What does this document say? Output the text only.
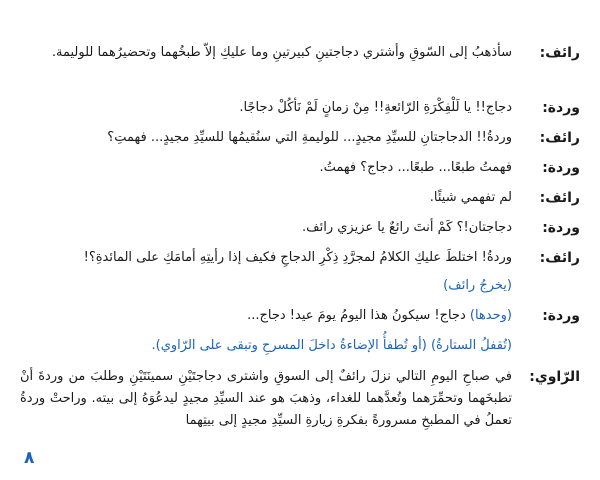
رائف:
سأذهبُ إلى السّوقِ وأشتري دجاجتينِ كبيرتينِ وما عليكِ إلاّ طبخُهما وتحضيرُهما للوليمة.
وردة:
دجاج!! يا لَلْفِكْرَةِ الرّائعةِ!! مِنْ زمانٍ لَمْ نَأكُلْ دجاجًا.
رائف:
وردةُ!! الدجاجتانِ للسيِّدِ مجيدٍ... للوليمةِ التي سنُقيمُها للسيِّدِ مجيدٍ... فهمتِ؟
وردة:
فهمتُ طبعًا... طبعًا... دجاج؟ فهمتُ.
رائف:
لم تفهمي شيئًا.
وردة:
دجاجتان!؟ كَمْ أنتَ رائعٌ يا عزيزي رائف.
رائف:
وردةُ! اختلطَ عليكِ الكلامُ لمجرَّدِ ذِكْرِ الدجاجِ فكيف إذا رأيتِهِ أمامَكِ على المائدةِ؟!
(يخرجُ رائف)
وردة:
(وحدها) دجاج! سيكونُ هذا اليومُ يومَ عيد! دجاج...
(تُقفلُ الستارةُ) (أو تُطفأُ الإضاءةُ داخلَ المسرحِ وتبقى على الرّاوي).
الرّاوي:
في صباحِ اليومِ التالي نزلَ رائفٌ إلى السوقِ واشترى دجاجتَيْنِ سمينَتَيْنِ وطلبَ من وردةَ أنْ تطبخَهما وتحمِّرَهما وتُعدَّهما للغداء، وذهبَ هو عند السيِّدِ مجيدٍ ليدعُوَهُ إلى بيته. وراحتْ وردةُ تعملُ في المطبخِ مسرورةً بفكرةِ زيارةِ السيِّدِ مجيدٍ إلى بيتِهما
٨
